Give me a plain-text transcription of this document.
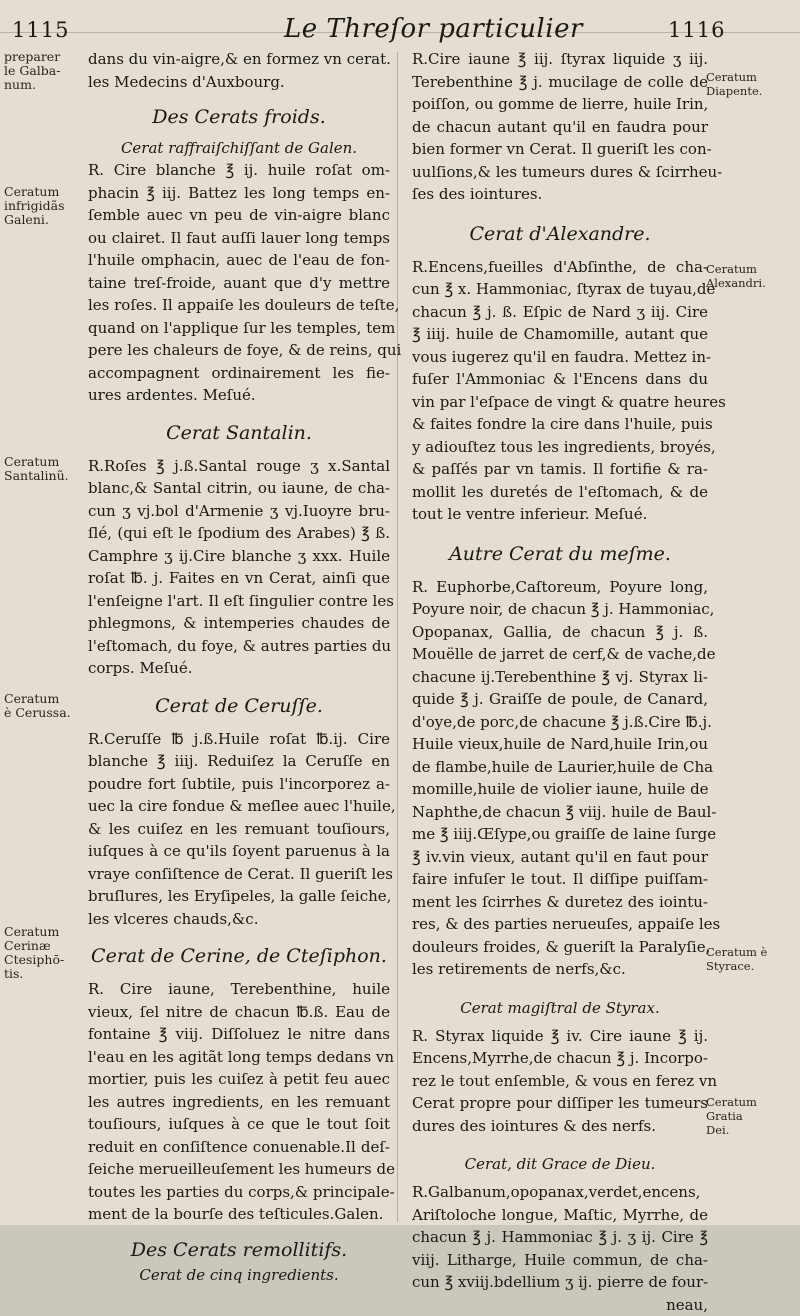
1115	Le Threſor particulier	1116
dans du vin-aigre,& en formez vn cerat.
les Medecins d'Auxbourg.
Des Cerats froids.
Cerat raffraiſchiſſant de Galen.
R. Cire blanche ℥ ij. huile roſat om-
phacin ℥ iij. Battez les long temps en-
ſemble auec vn peu de vin-aigre blanc
ou clairet. Il faut auſſi lauer long temps
l'huile omphacin, auec de l'eau de fon-
taine treſ-froide, auant que d'y mettre
les roſes. Il appaiſe les douleurs de teſte,
quand on l'applique ſur les temples, tem
pere les chaleurs de foye, & de reins, qui
accompagnent ordinairement les fie-
ures ardentes. Meſué.
Cerat Santalin.
R.Roſes ℥ j.ß.Santal rouge ʒ x.Santal
blanc,& Santal citrin, ou iaune, de cha-
cun ʒ vj.bol d'Armenie ʒ vj.Iuoyre bru-
ſlé, (qui eſt le ſpodium des Arabes) ℥ ß.
Camphre ʒ ij.Cire blanche ʒ xxx. Huile
roſat ℔. j. Faites en vn Cerat, ainſi que
l'enſeigne l'art. Il eſt ſingulier contre les
phlegmons, & intemperies chaudes de
l'eſtomach, du foye, & autres parties du
corps. Meſué.
Cerat de Ceruſſe.
R.Ceruſſe ℔ j.ß.Huile roſat ℔.ij. Cire
blanche ℥ iiij. Reduiſez la Ceruſſe en
poudre fort ſubtile, puis l'incorporez a-
uec la cire fondue & meſlee auec l'huile,
& les cuiſez en les remuant touſiours,
iuſques à ce qu'ils ſoyent paruenus à la
vraye conſiſtence de Cerat. Il gueriſt les
bruſlures, les Eryſipeles, la galle ſeiche,
les vlceres chauds,&c.
Cerat de Cerine, de Cteſiphon.
R. Cire iaune, Terebenthine, huile
vieux, ſel nitre de chacun ℔.ß. Eau de
fontaine ℥ viij. Diſſoluez le nitre dans
l'eau en les agitãt long temps dedans vn
mortier, puis les cuiſez à petit feu auec
les autres ingredients, en les remuant
touſiours, iuſques à ce que le tout ſoit
reduit en conſiſtence conuenable.Il deſ-
ſeiche merueilleuſement les humeurs de
toutes les parties du corps,& principale-
ment de la bourſe des teſticules.Galen.
Des Cerats remollitifs.
Cerat de cinq ingredients.
R.Cire iaune ℥ iij. ſtyrax liquide ʒ iij.
Terebenthine ℥ j. mucilage de colle de
poiſſon, ou gomme de lierre, huile Irin,
de chacun autant qu'il en faudra pour
bien former vn Cerat. Il gueriſt les con-
uulſions,& les tumeurs dures & ſcirrheu-
ſes des iointures.
Cerat d'Alexandre.
R.Encens,fueilles d'Abſinthe, de cha-
cun ℥ x. Hammoniac, ſtyrax de tuyau,de
chacun ℥ j. ß. Eſpic de Nard ʒ iij. Cire
℥ iiij. huile de Chamomille, autant que
vous iugerez qu'il en faudra. Mettez in-
fuſer l'Ammoniac & l'Encens dans du
vin par l'eſpace de vingt & quatre heures
& faites fondre la cire dans l'huile, puis
y adiouſtez tous les ingredients, broyés,
& paſſés par vn tamis. Il fortifie & ra-
mollit les duretés de l'eſtomach, & de
tout le ventre inferieur. Meſué.
Autre Cerat du meſme.
R. Euphorbe,Caſtoreum, Poyure long,
Poyure noir, de chacun ℥ j. Hammoniac,
Opopanax, Gallia, de chacun ℥ j. ß.
Mouëlle de jarret de cerf,& de vache,de
chacune ij.Terebenthine ℥ vj. Styrax li-
quide ℥ j. Graiſſe de poule, de Canard,
d'oye,de porc,de chacune ℥ j.ß.Cire ℔.j.
Huile vieux,huile de Nard,huile Irin,ou
de flambe,huile de Laurier,huile de Cha
momille,huile de violier iaune, huile de
Naphthe,de chacun ℥ viij. huile de Baul-
me ℥ iiij.Œſype,ou graiſſe de laine ſurge
℥ iv.vin vieux, autant qu'il en faut pour
faire infuſer le tout. Il diſſipe puiſſam-
ment les ſcirrhes & duretez des iointu-
res, & des parties nerueuſes, appaiſe les
douleurs froides, & gueriſt la Paralyſie,
les retirements de nerfs,&c.
Cerat magiſtral de Styrax.
R. Styrax liquide ℥ iv. Cire iaune ℥ ij.
Encens,Myrrhe,de chacun ℥ j. Incorpo-
rez le tout enſemble, & vous en ferez vn
Cerat propre pour diſſiper les tumeurs
dures des iointures & des nerfs.
Cerat, dit Grace de Dieu.
R.Galbanum,opopanax,verdet,encens,
Ariſtoloche longue, Maſtic, Myrrhe, de
chacun ℥ j. Hammoniac ℥ j. ʒ ij. Cire ℥
viij. Litharge, Huile commun, de cha-
cun ℥ xviij.bdellium ʒ ij. pierre de four-
neau,
preparer
le Galba-
num.
Ceratum
infrigidãs
Galeni.
Ceratum
Santalinũ.
Ceratum
è Cerussa.
Ceratum
Cerinæ
Ctesiphō-
tis.
Ceratum
Diapente.
Ceratum
Alexandri.
Ceratum è
Styrace.
Ceratum
Gratia
Dei.
